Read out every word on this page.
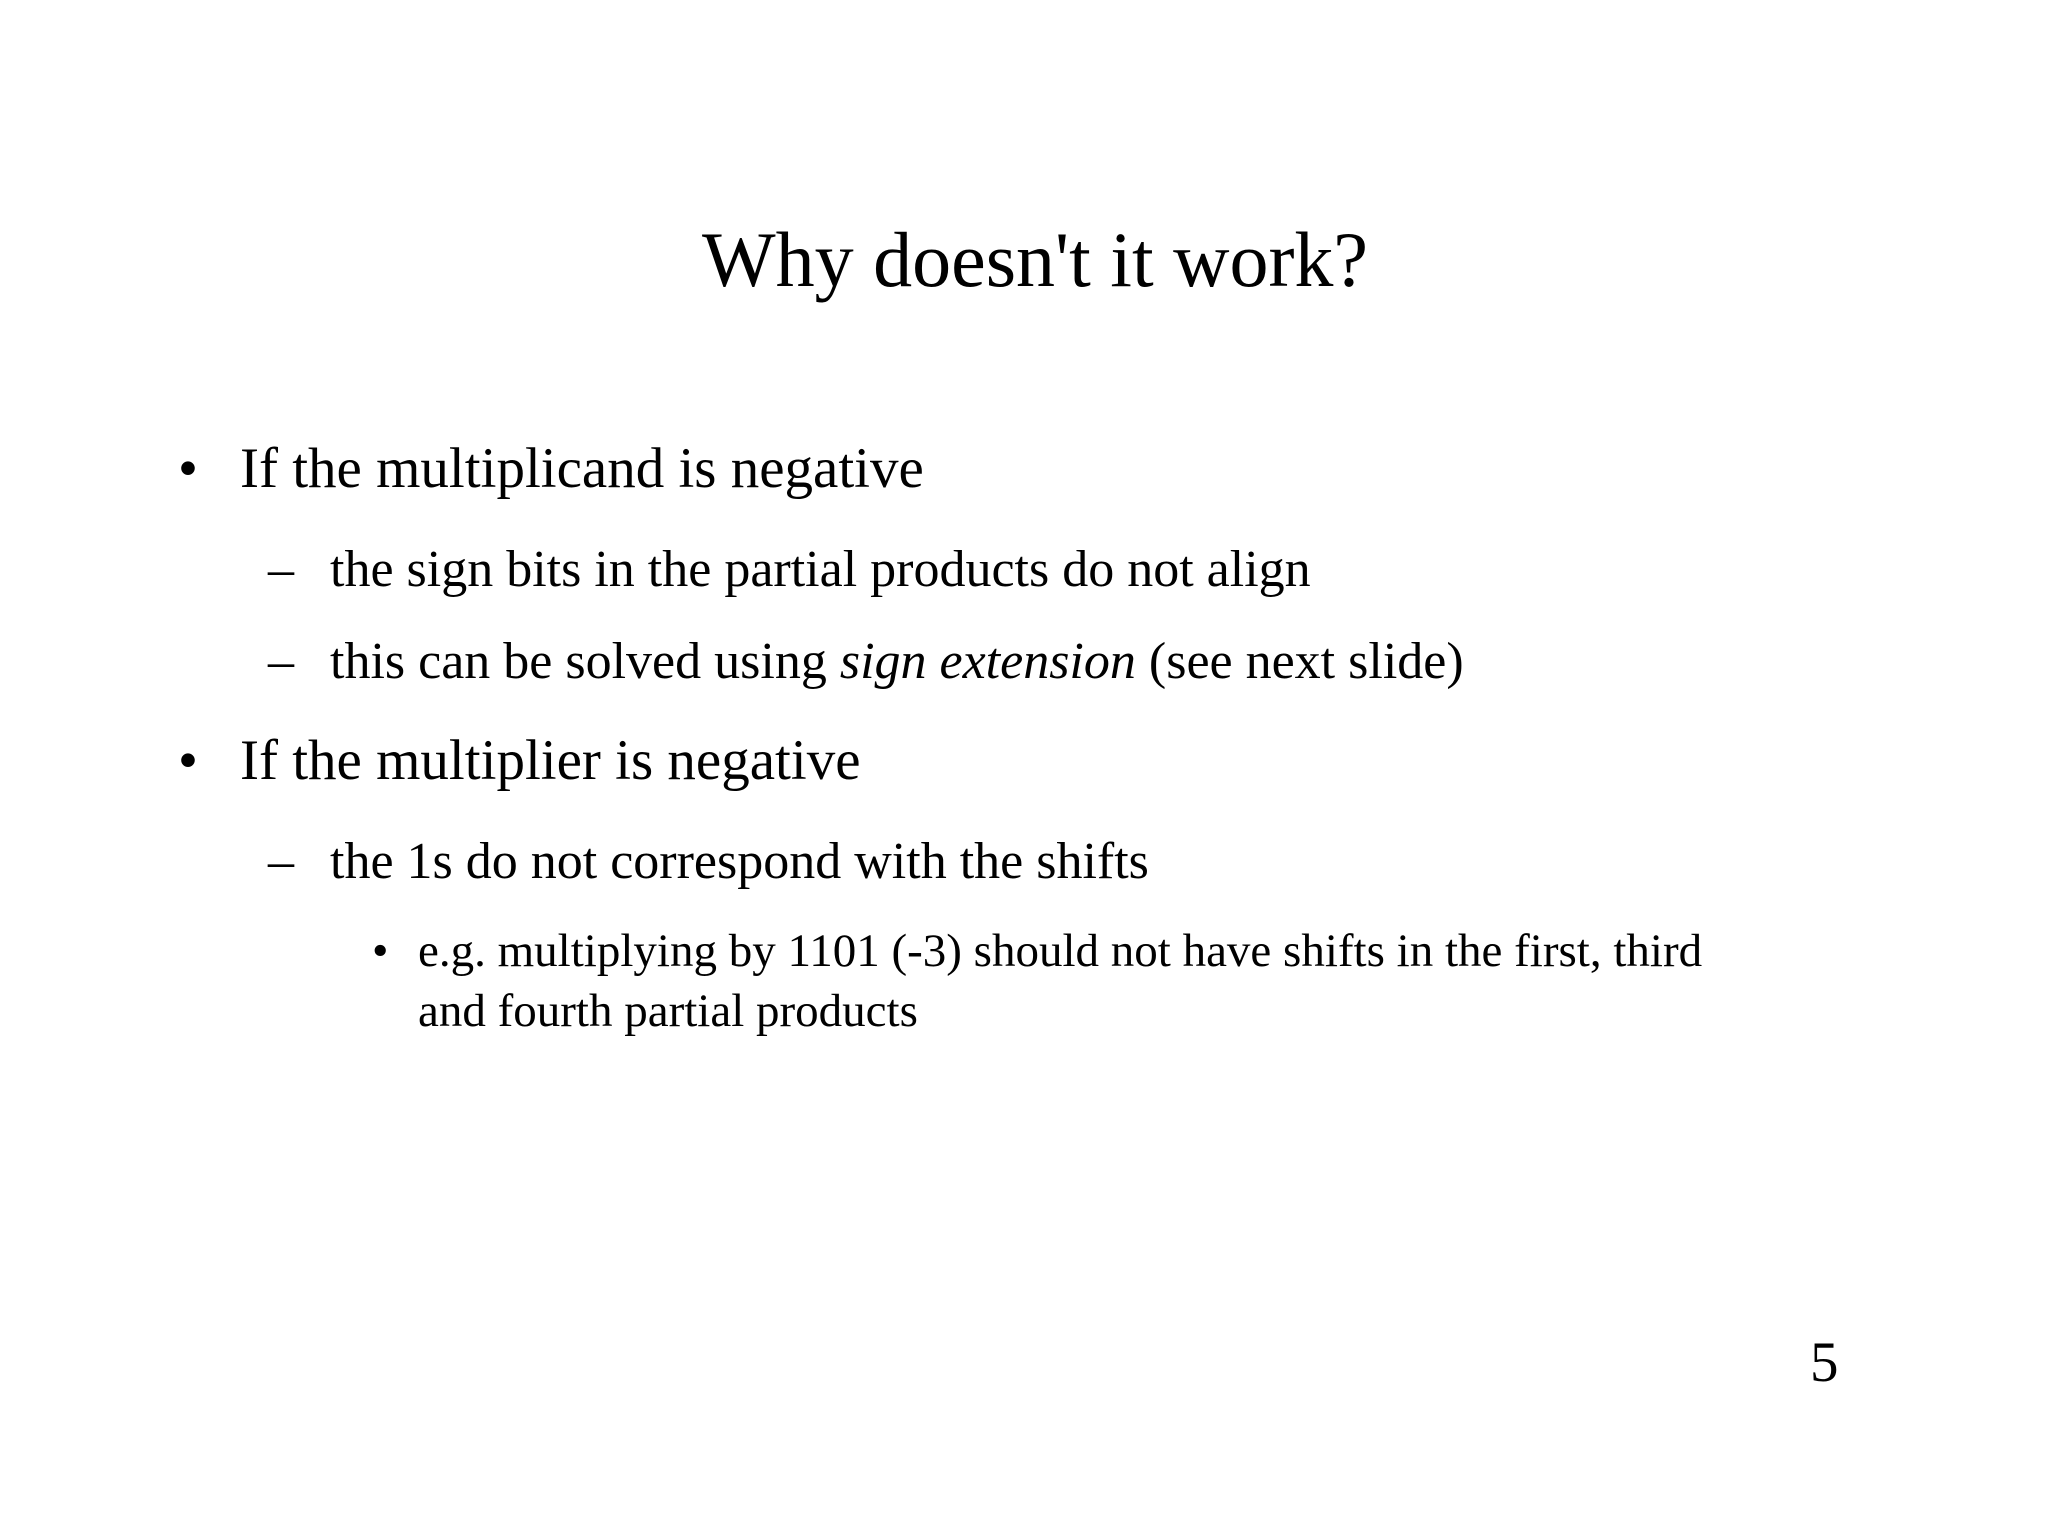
Why doesn't it work?
• If the multiplicand is negative
– the sign bits in the partial products do not align
– this can be solved using sign extension (see next slide)
• If the multiplier is negative
– the 1s do not correspond with the shifts
• e.g. multiplying by 1101 (-3) should not have shifts in the first, third
and fourth partial products
5
